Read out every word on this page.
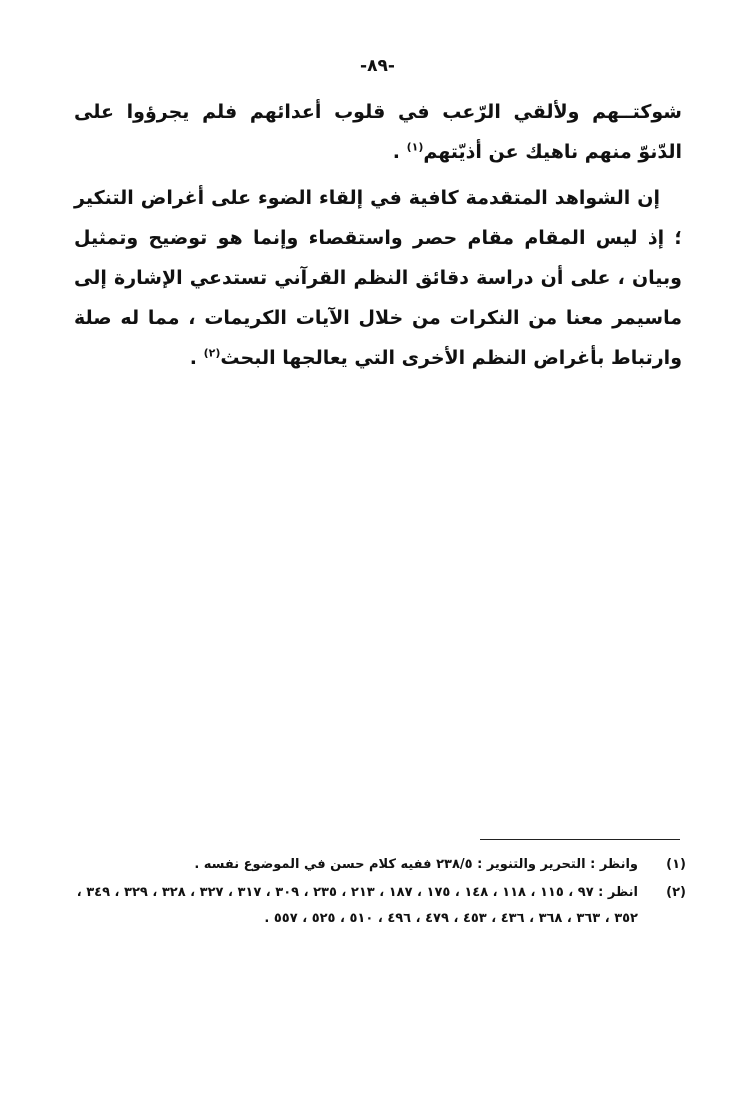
-٨٩-

شوكتــهم ولألقي الرّعب في قلوب أعدائهم فلم يجرؤوا على الدّنوّ منهم ناهيك عن أذيّتهم$^{(١)}$ .

إن الشواهد المتقدمة كافية في إلقاء الضوء على أغراض التنكير ؛ إذ ليس المقام مقام حصر واستقصاء وإنما هو توضيح وتمثيل وبيان ، على أن دراسة دقائق النظم القرآني تستدعي الإشارة إلى ماسيمر معنا من النكرات من خلال الآيات الكريمات ، مما له صلة وارتباط بأغراض النظم الأخرى التي يعالجها البحث$^{(٢)}$ .

(١)
وانظر : التحرير والتنوير : ٢٣٨/٥ ففيه كلام حسن في الموضوع نفسه .
(٢)
انظر : ٩٧ ، ١١٥ ، ١١٨ ، ١٤٨ ، ١٧٥ ، ١٨٧ ، ٢١٣ ، ٢٣٥ ، ٣٠٩ ، ٣١٧ ، ٣٢٧ ، ٣٢٨ ، ٣٢٩ ، ٣٤٩ ، ٣٥٢ ، ٣٦٣ ، ٣٦٨ ، ٤٣٦ ، ٤٥٣ ، ٤٧٩ ، ٤٩٦ ، ٥١٠ ، ٥٢٥ ، ٥٥٧ .
